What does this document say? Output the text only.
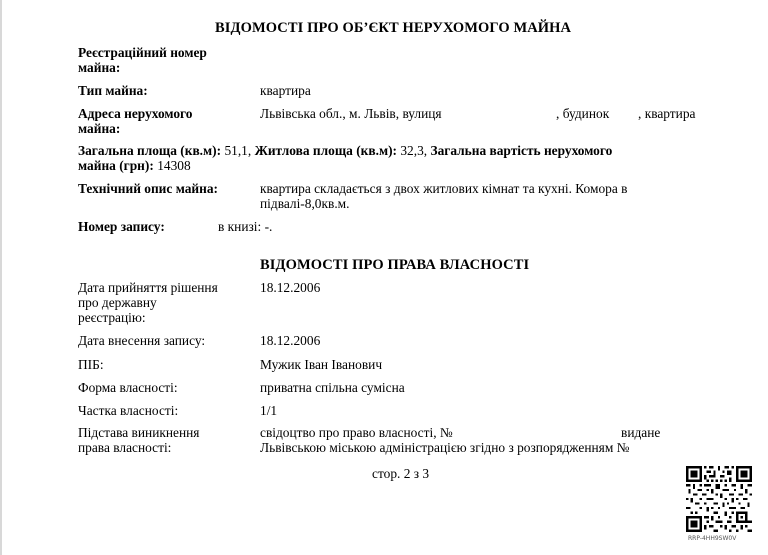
ВІДОМОСТІ ПРО ОБ’ЄКТ НЕРУХОМОГО МАЙНА
Реєстраційний номер
майна:
Тип майна:	квартира
Адреса нерухомого
майна:
Львівська обл., м. Львів, вулиця	, будинок , квартира
Загальна площа (кв.м): 51,1, Житлова площа (кв.м): 32,3, Загальна вартість нерухомого
майна (грн): 14308
Технічний опис майна:	квартира складається з двох житлових кімнат та кухні. Комора в
підвалі-8,0кв.м.
Номер запису:	в книзі: -.
ВІДОМОСТІ ПРО ПРАВА ВЛАСНОСТІ
Дата прийняття рішення
про державну
реєстрацію:
18.12.2006
Дата внесення запису:	18.12.2006
ПІБ:	Мужик Іван Іванович
Форма власності:	приватна спільна сумісна
Частка власності:	1/1
Підстава виникнення
права власності:
свідоцтво про право власності, №	видане
Львівською міською адміністрацією згідно з розпорядженням №
стор. 2 з 3
RRP-4HH9SW0V
